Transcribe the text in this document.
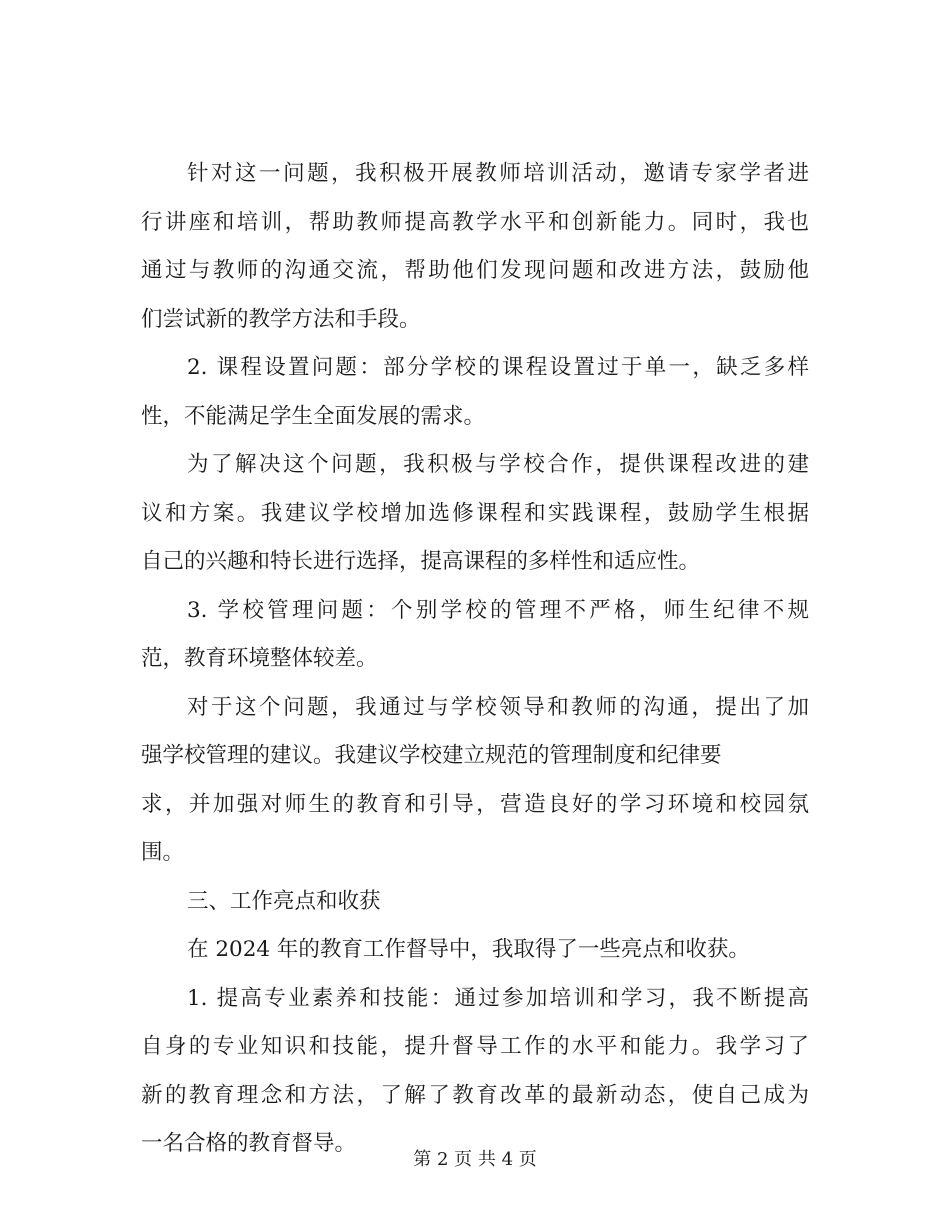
针对这一问题，我积极开展教师培训活动，邀请专家学者进
行讲座和培训，帮助教师提高教学水平和创新能力。同时，我也
通过与教师的沟通交流，帮助他们发现问题和改进方法，鼓励他
们尝试新的教学方法和手段。
2. 课程设置问题：部分学校的课程设置过于单一，缺乏多样
性，不能满足学生全面发展的需求。
为了解决这个问题，我积极与学校合作，提供课程改进的建
议和方案。我建议学校增加选修课程和实践课程，鼓励学生根据
自己的兴趣和特长进行选择，提高课程的多样性和适应性。
3. 学校管理问题：个别学校的管理不严格，师生纪律不规
范，教育环境整体较差。
对于这个问题，我通过与学校领导和教师的沟通，提出了加
强学校管理的建议。我建议学校建立规范的管理制度和纪律要
求，并加强对师生的教育和引导，营造良好的学习环境和校园氛
围。
三、工作亮点和收获
在 2024 年的教育工作督导中，我取得了一些亮点和收获。
1. 提高专业素养和技能：通过参加培训和学习，我不断提高
自身的专业知识和技能，提升督导工作的水平和能力。我学习了
新的教育理念和方法，了解了教育改革的最新动态，使自己成为
一名合格的教育督导。
第 2 页 共 4 页
